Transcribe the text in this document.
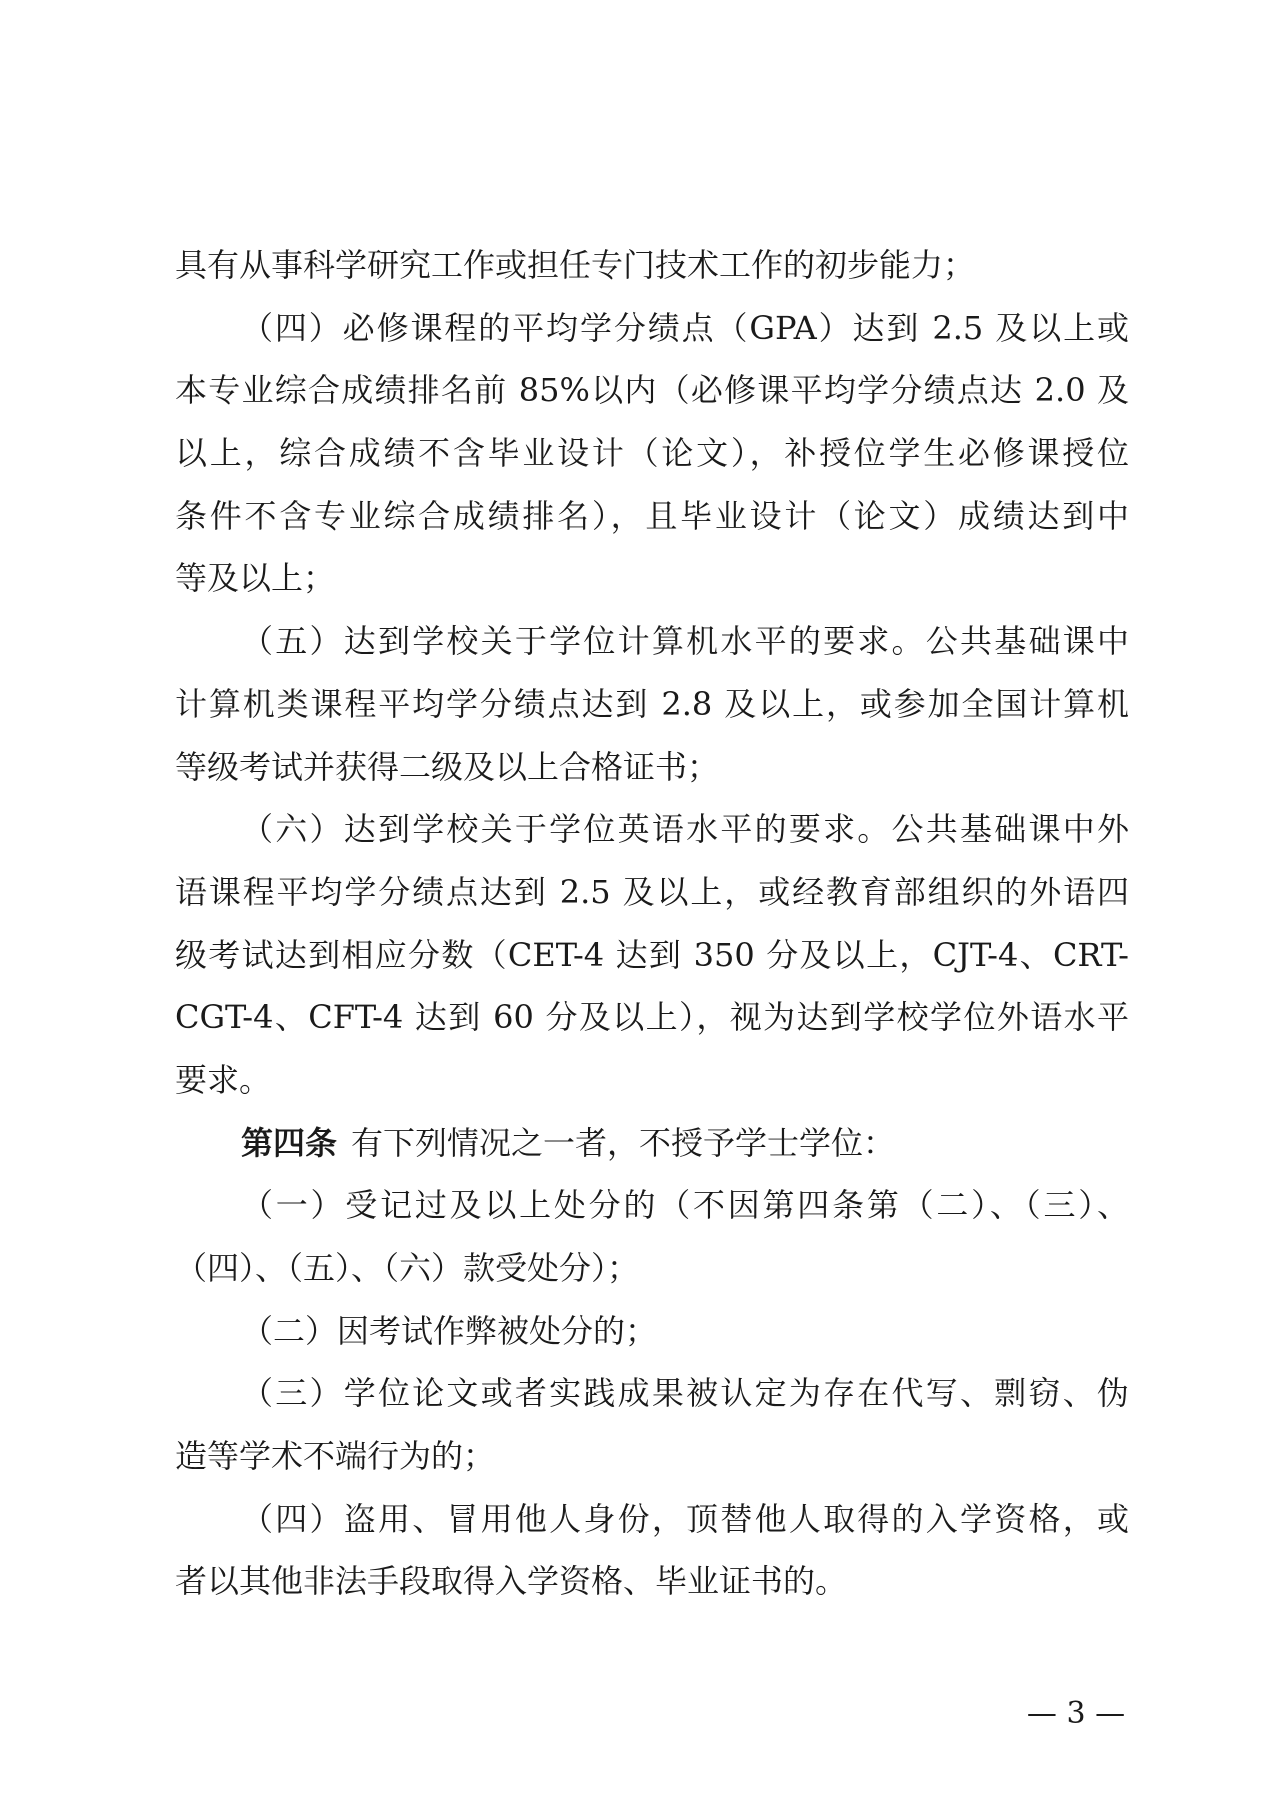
具有从事科学研究工作或担任专门技术工作的初步能力；
（四）必修课程的平均学分绩点（GPA）达到 2.5 及以上或
本专业综合成绩排名前 85%以内（必修课平均学分绩点达 2.0 及
以上，综合成绩不含毕业设计（论文），补授位学生必修课授位
条件不含专业综合成绩排名），且毕业设计（论文）成绩达到中
等及以上；
（五）达到学校关于学位计算机水平的要求。公共基础课中
计算机类课程平均学分绩点达到 2.8 及以上，或参加全国计算机
等级考试并获得二级及以上合格证书；
（六）达到学校关于学位英语水平的要求。公共基础课中外
语课程平均学分绩点达到 2.5 及以上，或经教育部组织的外语四
级考试达到相应分数（CET-4 达到 350 分及以上，CJT-4、CRT-
CGT-4、CFT-4 达到 60 分及以上），视为达到学校学位外语水平
要求。
第四条 有下列情况之一者，不授予学士学位：
（一）受记过及以上处分的（不因第四条第（二）、（三）、
（四）、（五）、（六）款受处分）；
（二）因考试作弊被处分的；
（三）学位论文或者实践成果被认定为存在代写、剽窃、伪
造等学术不端行为的；
（四）盗用、冒用他人身份，顶替他人取得的入学资格，或
者以其他非法手段取得入学资格、毕业证书的。
— 3 —
